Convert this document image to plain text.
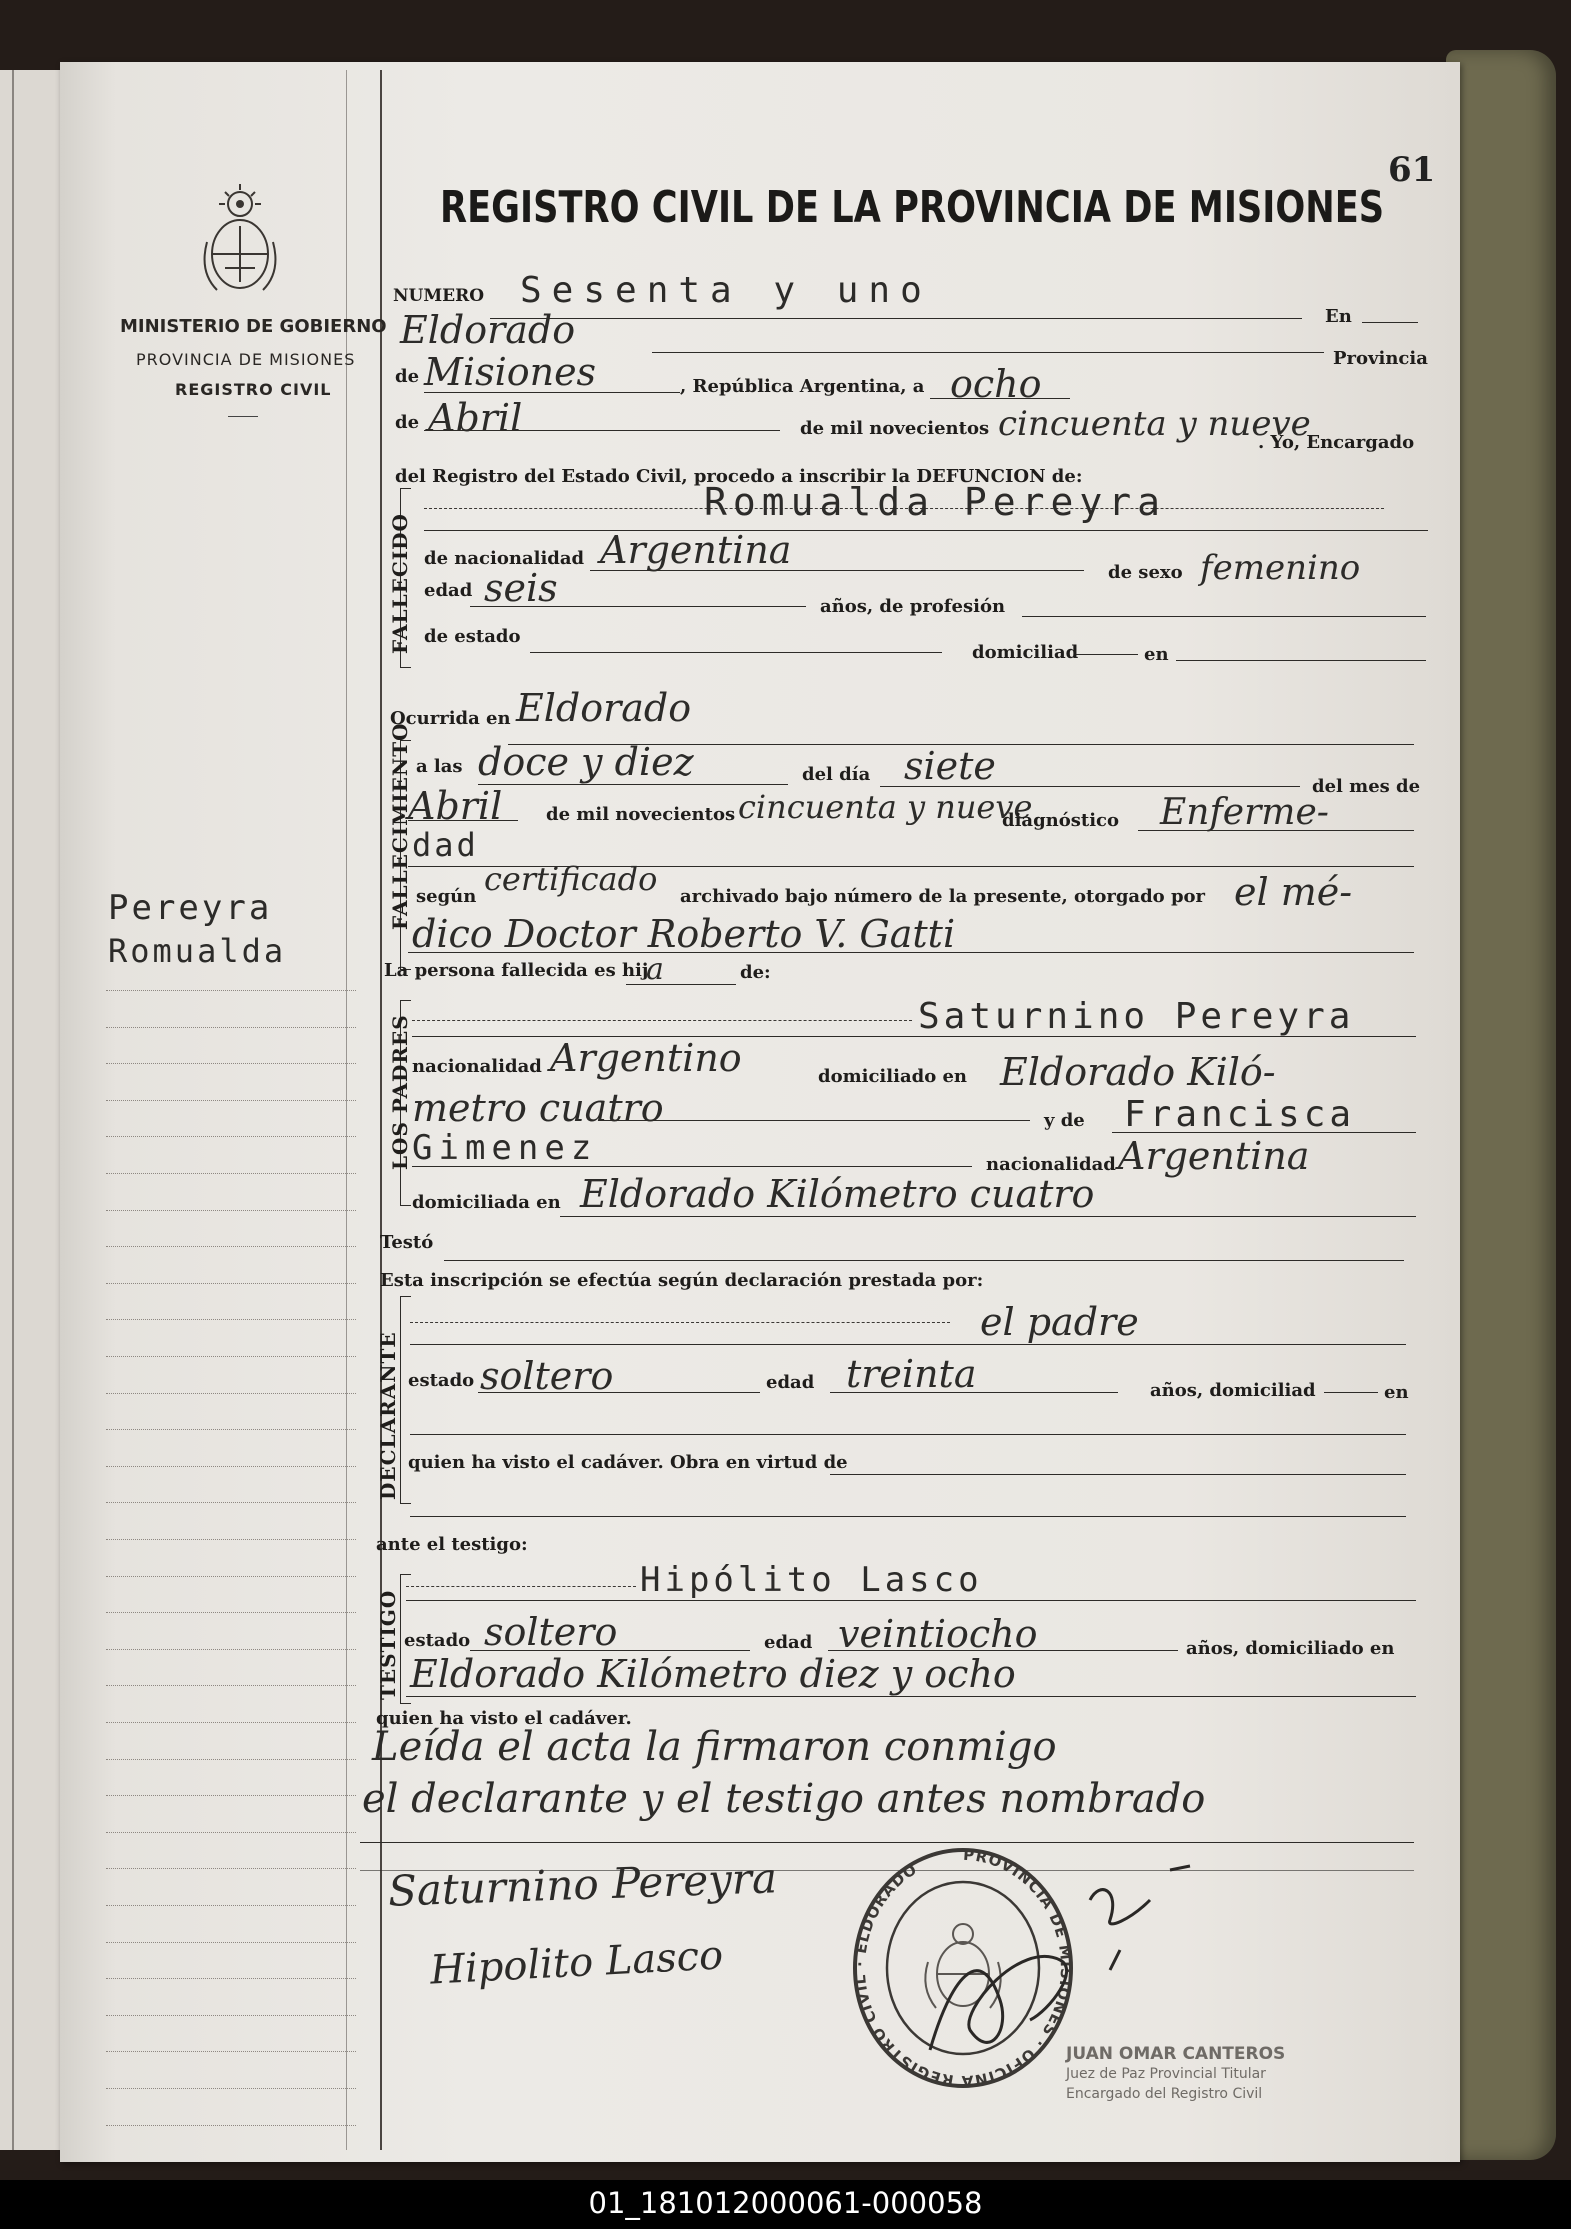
61
MINISTERIO DE GOBIERNO
PROVINCIA DE MISIONES
REGISTRO CIVIL
Pereyra
Romualda
REGISTRO CIVIL DE LA PROVINCIA DE MISIONES
NUMERO Sesenta y uno
En
Eldorado
Provincia
de Misiones	, República Argentina, a ocho
de Abril	de mil novecientos cincuenta y nueve
. Yo, Encargado
del Registro del Estado Civil, procedo a inscribir la DEFUNCION de:
FALLECIDO
Romualda Pereyra
de nacionalidad Argentina
de sexo femenino
edad seis	años, de profesión
de estado
domiciliad	en
Ocurrida en Eldorado
FALLECIMIENTO a las doce y diez	del día siete	del mes de
Abril de mil novecientos cincuenta y nueve
diagnóstico Enferme-
dad
según certificado archivado bajo número de la presente, otorgado por el mé-
dico Doctor Roberto V. Gatti
La persona fallecida es hij
a	de:
LOS PADRES	Saturnino Pereyra
nacionalidad Argentino	domiciliado en Eldorado Kiló-
metro cuatro	y de Francisca
Gimenez	nacionalidad Argentina
domiciliada en Eldorado Kilómetro cuatro
Testó
Esta inscripción se efectúa según declaración prestada por:
DECLARANTE
el padre
estado soltero	edad treinta	años, domiciliad	en
quien ha visto el cadáver. Obra en virtud de
ante el testigo:
TESTIGO
Hipólito Lasco
estado soltero	edad veintiocho	años, domiciliado en
Eldorado Kilómetro diez y ocho
quien ha visto el cadáver.
Leída el acta la firmaron conmigo
el declarante y el testigo antes nombrado
Saturnino Pereyra
Hipolito Lasco
PROVINCIA DE MISIONES · OFICINA REGISTRO CIVIL · ELDORADO
JUAN OMAR CANTEROS
Juez de Paz Provincial Titular
Encargado del Registro Civil
01_181012000061-000058
